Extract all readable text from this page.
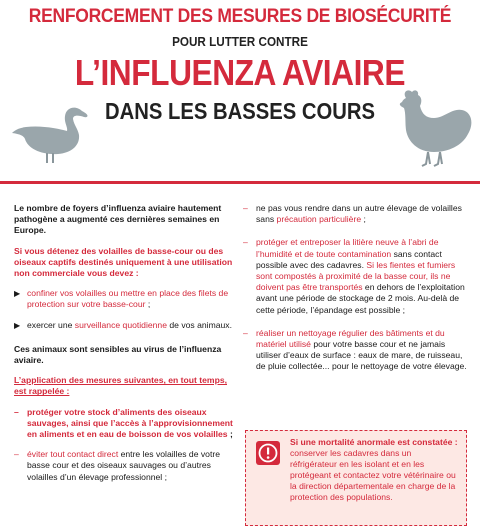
RENFORCEMENT DES MESURES DE BIOSÉCURITÉ
POUR LUTTER CONTRE
L’INFLUENZA AVIAIRE
DANS LES BASSES COURS

Le nombre de foyers d’influenza aviaire hautement pathogène a augmenté ces dernières semaines en Europe.

Si vous détenez des volailles de basse-cour ou des oiseaux captifs destinés uniquement à une utilisation non commerciale vous devez :

▶ confiner vos volailles ou mettre en place des filets de protection sur votre basse-cour ;
▶ exercer une surveillance quotidienne de vos animaux.

Ces animaux sont sensibles au virus de l’influenza aviaire.

L’application des mesures suivantes, en tout temps, est rappelée :

– protéger votre stock d’aliments des oiseaux sauvages, ainsi que l’accès à l’approvisionnement en aliments et en eau de boisson de vos volailles ;
– éviter tout contact direct entre les volailles de votre basse cour et des oiseaux sauvages ou d’autres volailles d’un élevage professionnel ;
– ne pas vous rendre dans un autre élevage de volailles sans précaution particulière ;
– protéger et entreposer la litière neuve à l’abri de l’humidité et de toute contamination sans contact possible avec des cadavres. Si les fientes et fumiers sont compostés à proximité de la basse cour, ils ne doivent pas être transportés en dehors de l’exploitation avant une période de stockage de 2 mois. Au-delà de cette période, l’épandage est possible ;
– réaliser un nettoyage régulier des bâtiments et du matériel utilisé pour votre basse cour et ne jamais utiliser d’eaux de surface : eaux de mare, de ruisseau, de pluie collectée... pour le nettoyage de votre élevage.
Si une mortalité anormale est constatée : conserver les cadavres dans un réfrigérateur en les isolant et en les protégeant et contactez votre vétérinaire ou la direction départementale en charge de la protection des populations.
